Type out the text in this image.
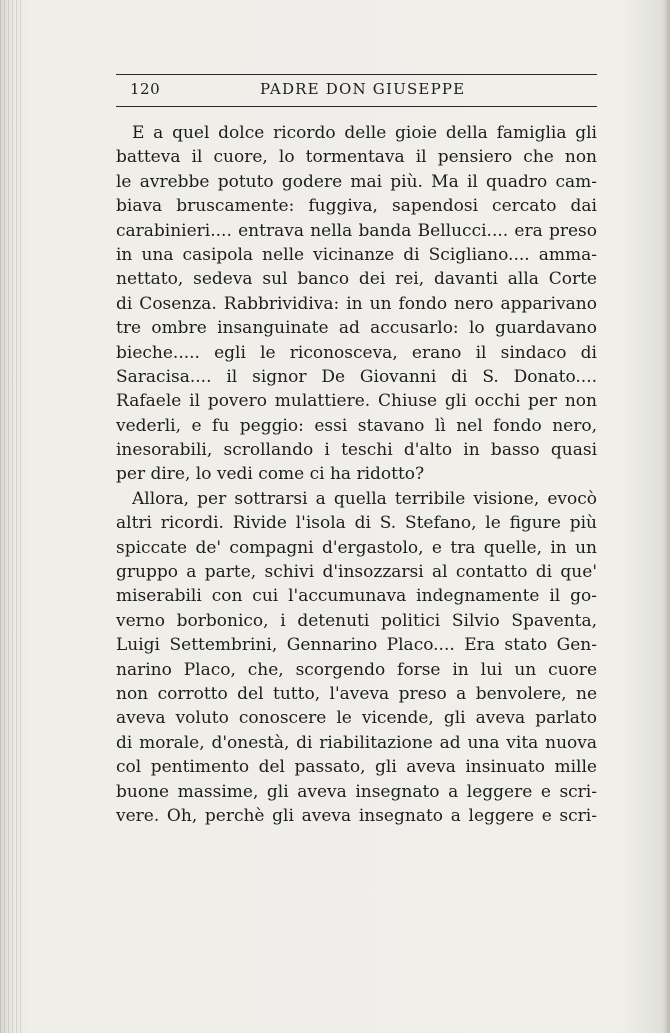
120	PADRE DON GIUSEPPE
E a quel dolce ricordo delle gioie della famiglia gli
batteva il cuore, lo tormentava il pensiero che non
le avrebbe potuto godere mai più. Ma il quadro cam-
biava bruscamente: fuggiva, sapendosi cercato dai
carabinieri.... entrava nella banda Bellucci.... era preso
in una casipola nelle vicinanze di Scigliano.... amma-
nettato, sedeva sul banco dei rei, davanti alla Corte
di Cosenza. Rabbrividiva: in un fondo nero apparivano
tre ombre insanguinate ad accusarlo: lo guardavano
bieche..... egli le riconosceva, erano il sindaco di
Saracisa.... il signor De Giovanni di S. Donato....
Rafaele il povero mulattiere. Chiuse gli occhi per non
vederli, e fu peggio: essi stavano lì nel fondo nero,
inesorabili, scrollando i teschi d'alto in basso quasi
per dire, lo vedi come ci ha ridotto?
Allora, per sottrarsi a quella terribile visione, evocò
altri ricordi. Rivide l'isola di S. Stefano, le figure più
spiccate de' compagni d'ergastolo, e tra quelle, in un
gruppo a parte, schivi d'insozzarsi al contatto di que'
miserabili con cui l'accumunava indegnamente il go-
verno borbonico, i detenuti politici Silvio Spaventa,
Luigi Settembrini, Gennarino Placo.... Era stato Gen-
narino Placo, che, scorgendo forse in lui un cuore
non corrotto del tutto, l'aveva preso a benvolere, ne
aveva voluto conoscere le vicende, gli aveva parlato
di morale, d'onestà, di riabilitazione ad una vita nuova
col pentimento del passato, gli aveva insinuato mille
buone massime, gli aveva insegnato a leggere e scri-
vere. Oh, perchè gli aveva insegnato a leggere e scri-
